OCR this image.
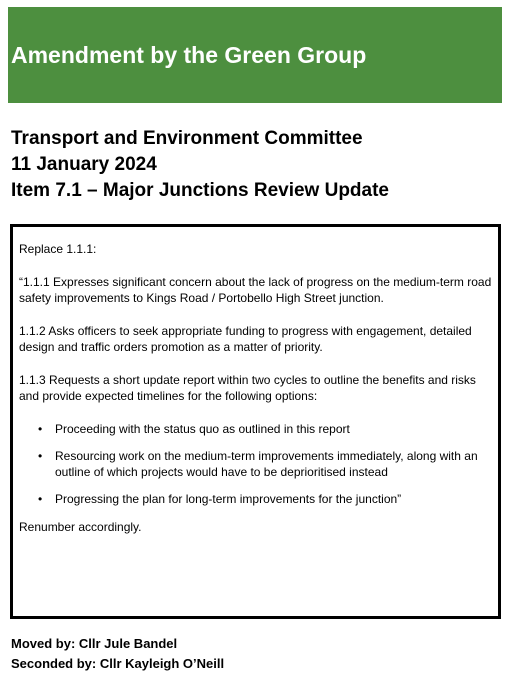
Amendment by the Green Group
Transport and Environment Committee
11 January 2024
Item 7.1 – Major Junctions Review Update

Replace 1.1.1:

“1.1.1 Expresses significant concern about the lack of progress on the medium-term road safety improvements to Kings Road / Portobello High Street junction.

1.1.2 Asks officers to seek appropriate funding to progress with engagement, detailed design and traffic orders promotion as a matter of priority.

1.1.3 Requests a short update report within two cycles to outline the benefits and risks and provide expected timelines for the following options:

• Proceeding with the status quo as outlined in this report
• Resourcing work on the medium-term improvements immediately, along with an outline of which projects would have to be deprioritised instead
• Progressing the plan for long-term improvements for the junction”

Renumber accordingly.

Moved by: Cllr Jule Bandel
Seconded by: Cllr Kayleigh O’Neill
